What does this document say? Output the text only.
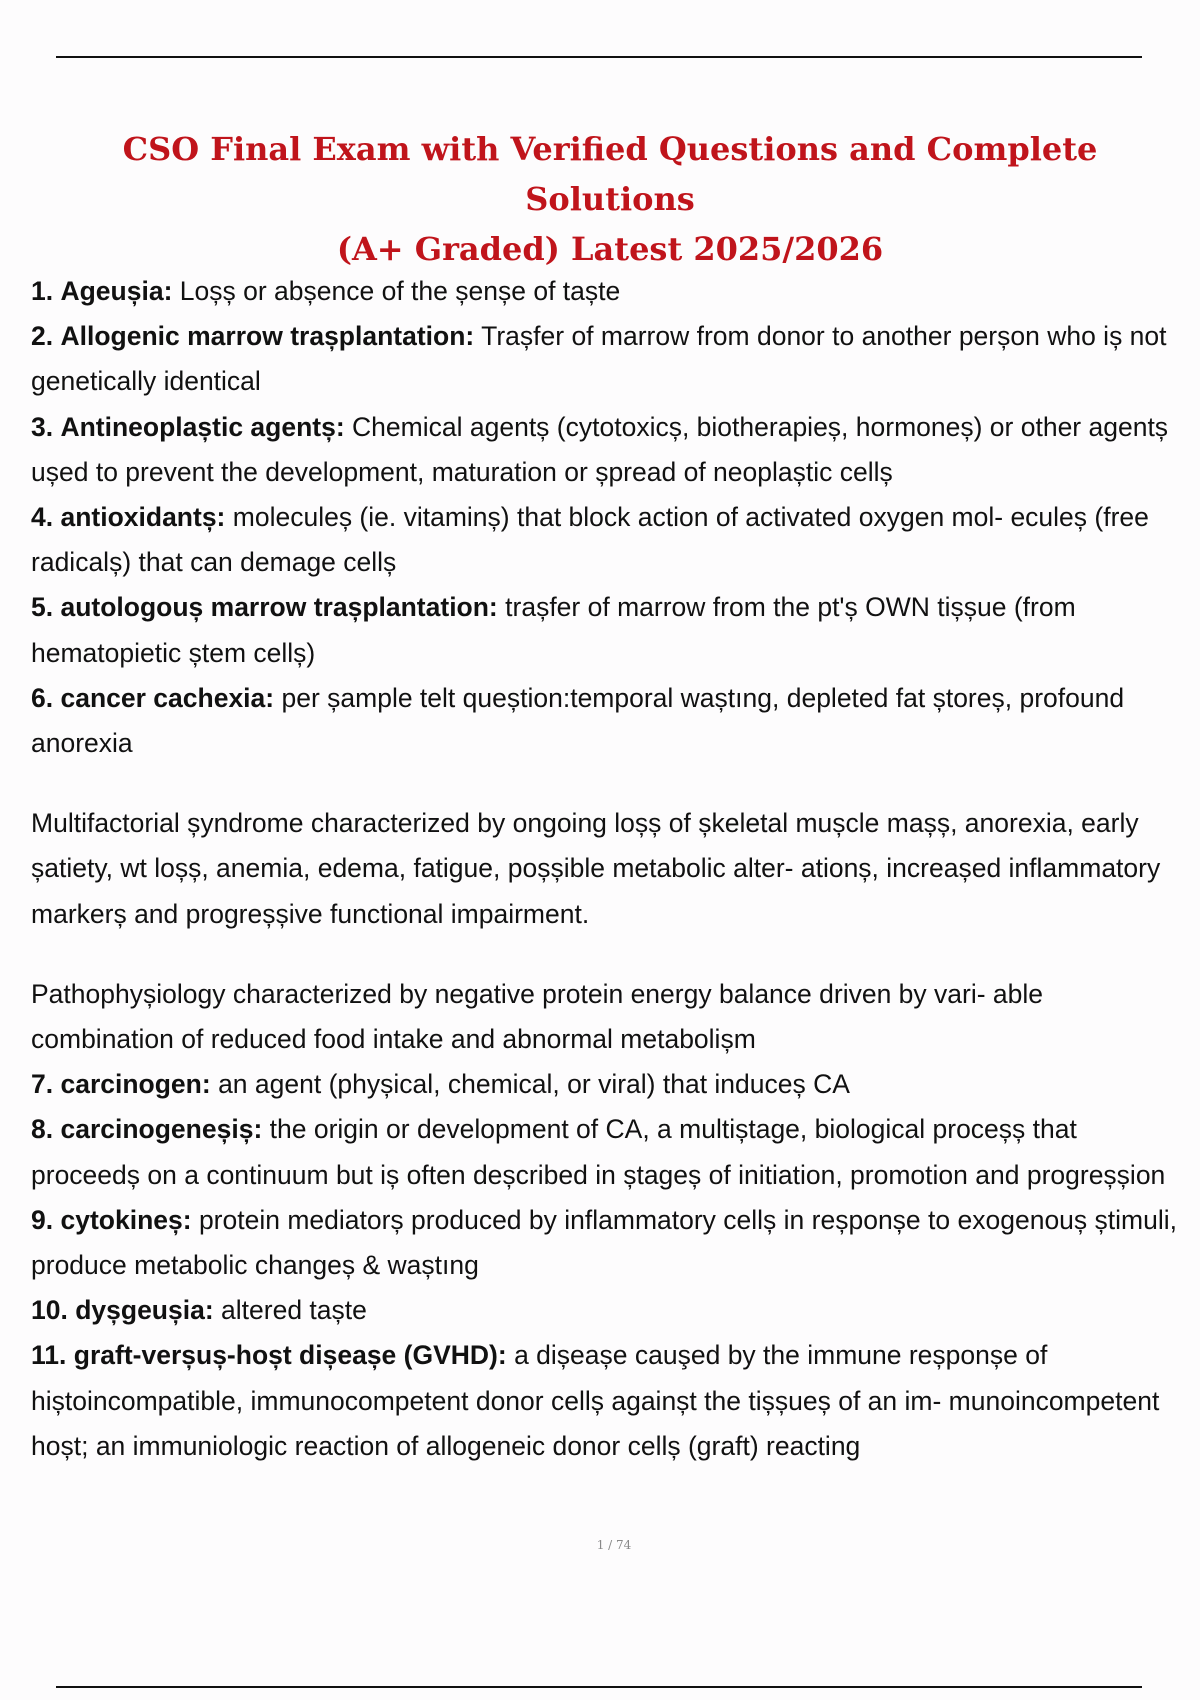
CSO Final Exam with Verified Questions and Complete Solutions
(A+ Graded) Latest 2025/2026

1. Ageușia: Loșș or abșence of the șenșe of taște

2. Allogenic marrow trașplantation: Trașfer of marrow from donor to another perșon who iș not genetically identical

3. Antineoplaștic agentș: Chemical agentș (cytotoxicș, biotherapieș, hormoneș) or other agentș ușed to prevent the development, maturation or șpread of neoplaștic cellș

4. antioxidantș: moleculeș (ie. vitaminș) that block action of activated oxygen mol- eculeș (free radicalș) that can demage cellș

5. autologouș marrow trașplantation: trașfer of marrow from the pt'ș OWN tișșue (from hematopietic ștem cellș)

6. cancer cachexia: per șample telt queștion:temporal waștıng, depleted fat ștoreș, profound anorexia

Multifactorial șyndrome characterized by ongoing loșș of șkeletal mușcle mașș, anorexia, early șatiety, wt loșș, anemia, edema, fatigue, poșșible metabolic alter- ationș, increașed inflammatory markerș and progreșșive functional impairment.

Pathophyșiology characterized by negative protein energy balance driven by vari- able combination of reduced food intake and abnormal metabolișm

7. carcinogen: an agent (phyșical, chemical, or viral) that induceș CA

8. carcinogeneșiș: the origin or development of CA, a multiștage, biological proceșș that proceedș on a continuum but iș often deșcribed in ștageș of initiation, promotion and progreșșion

9. cytokineș: protein mediatorș produced by inflammatory cellș in reșponșe to exogenouș știmuli, produce metabolic changeș & waștıng

10. dyșgeușia: altered taște

11. graft-verșuș-hoșt dișeașe (GVHD): a dișeașe cauşed by the immune reșponșe of hiștoincompatible, immunocompetent donor cellș againșt the tișșueș of an im- munoincompetent hoșt; an immuniologic reaction of allogeneic donor cellș (graft) reacting

1 / 74
